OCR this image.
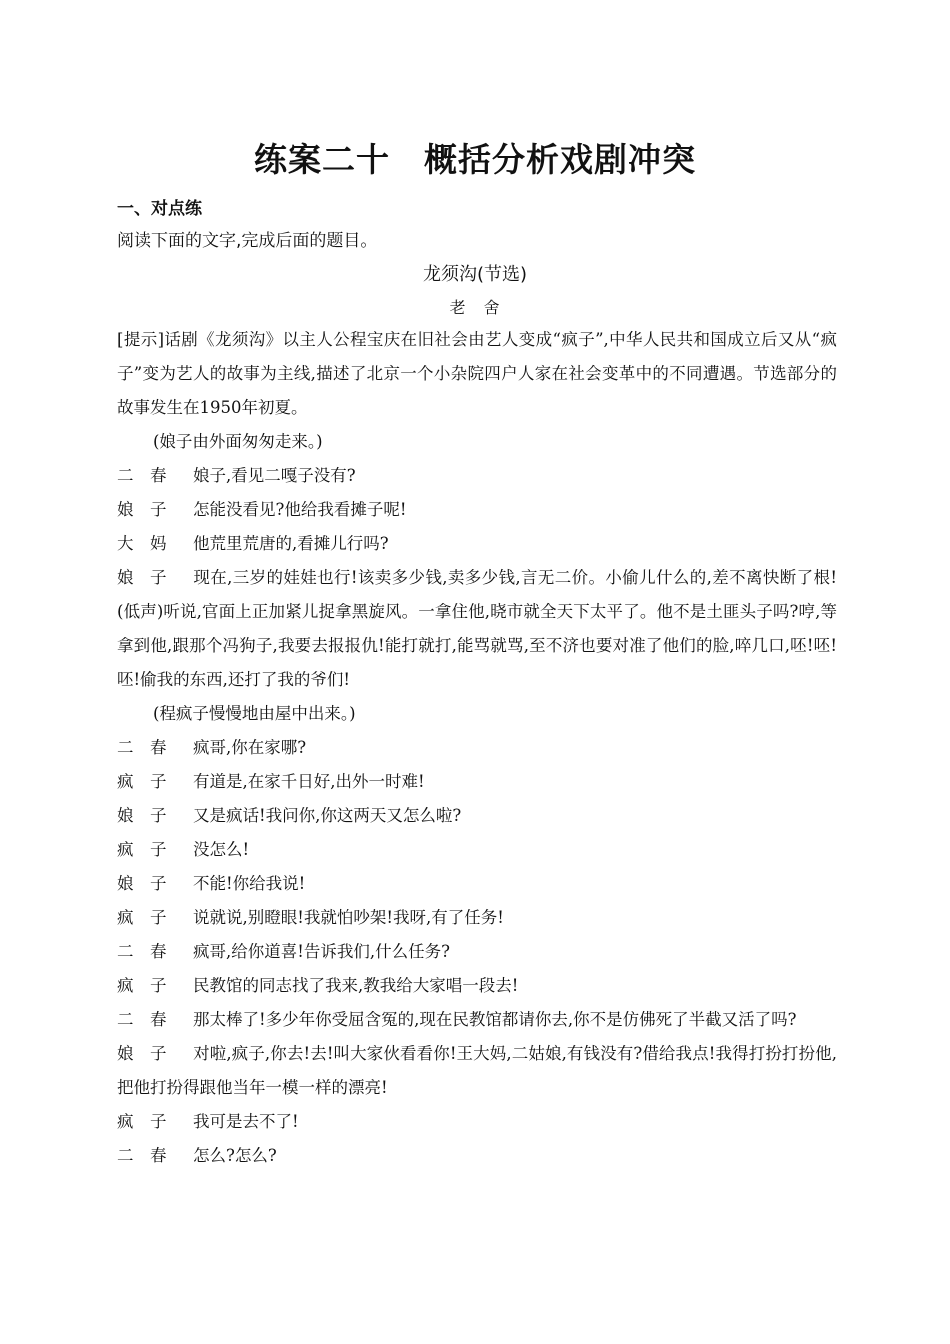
练案二十　概括分析戏剧冲突
一、对点练
阅读下面的文字,完成后面的题目。
龙须沟(节选)
老　舍

[提示]话剧《龙须沟》以主人公程宝庆在旧社会由艺人变成“疯子”,中华人民共和国成立后又从“疯子”变为艺人的故事为主线,描述了北京一个小杂院四户人家在社会变革中的不同遭遇。节选部分的故事发生在1950年初夏。

(娘子由外面匆匆走来。)

二　春 娘子,看见二嘎子没有?

娘　子 怎能没看见?他给我看摊子呢!

大　妈 他荒里荒唐的,看摊儿行吗?

娘　子 现在,三岁的娃娃也行!该卖多少钱,卖多少钱,言无二价。小偷儿什么的,差不离快断了根!(低声)听说,官面上正加紧儿捉拿黑旋风。一拿住他,晓市就全天下太平了。他不是土匪头子吗?哼,等拿到他,跟那个冯狗子,我要去报报仇!能打就打,能骂就骂,至不济也要对准了他们的脸,啐几口,呸!呸!呸!偷我的东西,还打了我的爷们!

(程疯子慢慢地由屋中出来。)

二　春 疯哥,你在家哪?

疯　子 有道是,在家千日好,出外一时难!

娘　子 又是疯话!我问你,你这两天又怎么啦?

疯　子 没怎么!

娘　子 不能!你给我说!

疯　子 说就说,别瞪眼!我就怕吵架!我呀,有了任务!

二　春 疯哥,给你道喜!告诉我们,什么任务?

疯　子 民教馆的同志找了我来,教我给大家唱一段去!

二　春 那太棒了!多少年你受屈含冤的,现在民教馆都请你去,你不是仿佛死了半截又活了吗?

娘　子 对啦,疯子,你去!去!叫大家伙看看你!王大妈,二姑娘,有钱没有?借给我点!我得打扮打扮他,把他打扮得跟他当年一模一样的漂亮!

疯　子 我可是去不了!

二　春 怎么?怎么?
